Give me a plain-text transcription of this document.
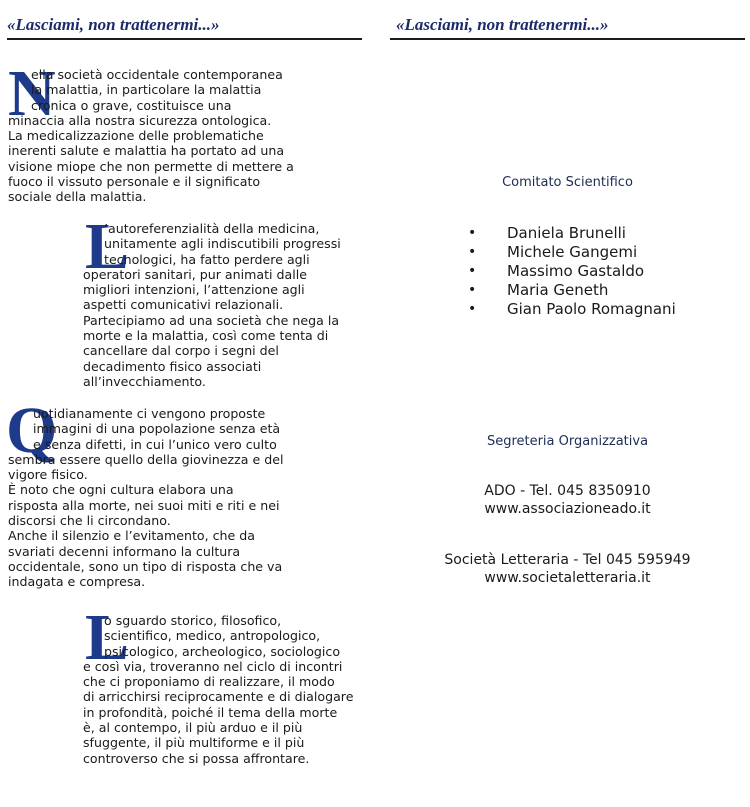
«Lasciami, non trattenermi...»	«Lasciami, non trattenermi...»
N
ella società occidentale contemporanea
la malattia, in particolare la malattia
cronica o grave, costituisce una
minaccia alla nostra sicurezza ontologica.
La medicalizzazione delle problematiche
inerenti salute e malattia ha portato ad una
visione miope che non permette di mettere a
fuoco il vissuto personale e il significato
sociale della malattia.
L
’autoreferenzialità della medicina,
unitamente agli indiscutibili progressi
tecnologici, ha fatto perdere agli
operatori sanitari, pur animati dalle
migliori intenzioni, l’attenzione agli
aspetti comunicativi relazionali.
Partecipiamo ad una società che nega la
morte e la malattia, così come tenta di
cancellare dal corpo i segni del
decadimento fisico associati
all’invecchiamento.
Q
uotidianamente ci vengono proposte
immagini di una popolazione senza età
e senza difetti, in cui l’unico vero culto
sembra essere quello della giovinezza e del
vigore fisico.
È noto che ogni cultura elabora una
risposta alla morte, nei suoi miti e riti e nei
discorsi che li circondano.
Anche il silenzio e l’evitamento, che da
svariati decenni informano la cultura
occidentale, sono un tipo di risposta che va
indagata e compresa.
L
o sguardo storico, filosofico,
scientifico, medico, antropologico,
psicologico, archeologico, sociologico
e così via, troveranno nel ciclo di incontri
che ci proponiamo di realizzare, il modo
di arricchirsi reciprocamente e di dialogare
in profondità, poiché il tema della morte
è, al contempo, il più arduo e il più
sfuggente, il più multiforme e il più
controverso che si possa affrontare.
Comitato Scientifico
• Daniela Brunelli
• Michele Gangemi
• Massimo Gastaldo
• Maria Geneth
• Gian Paolo Romagnani
Segreteria Organizzativa
ADO - Tel. 045 8350910
www.associazioneado.it
Società Letteraria - Tel 045 595949
www.societaletteraria.it
